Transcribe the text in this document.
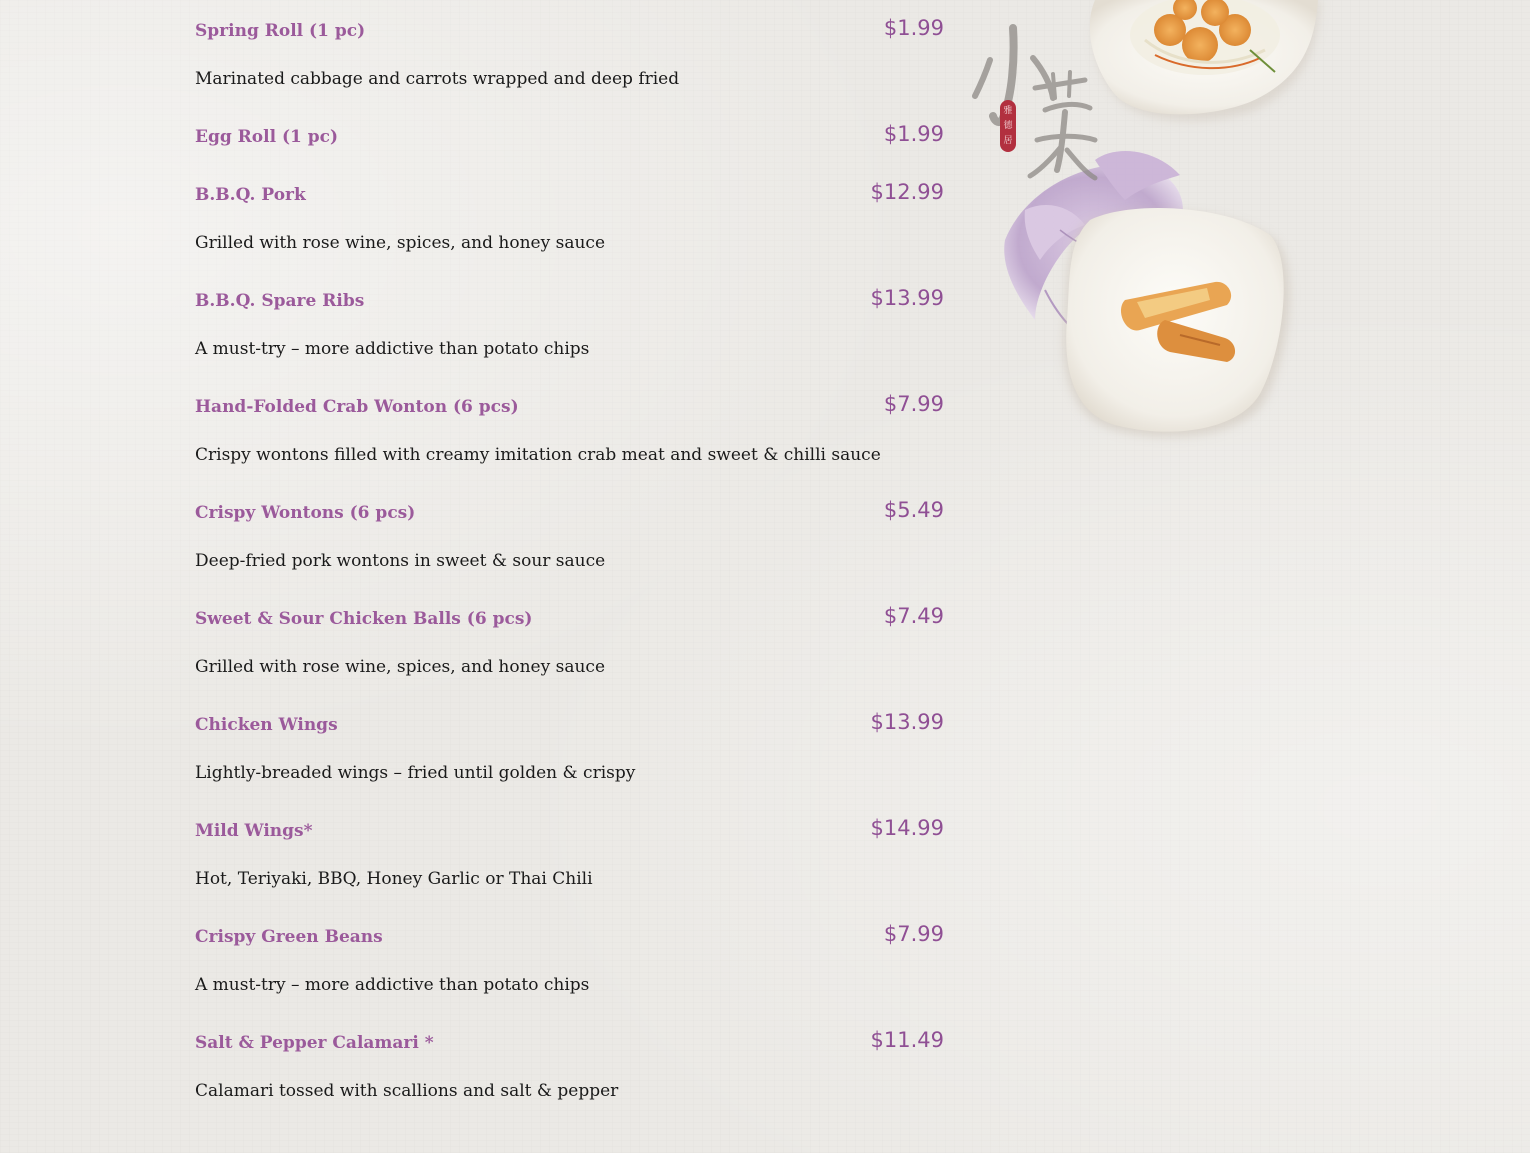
Spring Roll (1 pc)	$1.99
Marinated cabbage and carrots wrapped and deep fried
Egg Roll (1 pc)	$1.99
B.B.Q. Pork	$12.99
Grilled with rose wine, spices, and honey sauce
B.B.Q. Spare Ribs	$13.99
A must-try – more addictive than potato chips
Hand-Folded Crab Wonton (6 pcs)	$7.99
Crispy wontons filled with creamy imitation crab meat and sweet & chilli sauce
Crispy Wontons (6 pcs)	$5.49
Deep-fried pork wontons in sweet & sour sauce
Sweet & Sour Chicken Balls (6 pcs)	$7.49
Grilled with rose wine, spices, and honey sauce
Chicken Wings	$13.99
Lightly-breaded wings – fried until golden & crispy
Mild Wings*	$14.99
Hot, Teriyaki, BBQ, Honey Garlic or Thai Chili
Crispy Green Beans	$7.99
A must-try – more addictive than potato chips
Salt & Pepper Calamari *	$11.49
Calamari tossed with scallions and salt & pepper
雅
德
居
